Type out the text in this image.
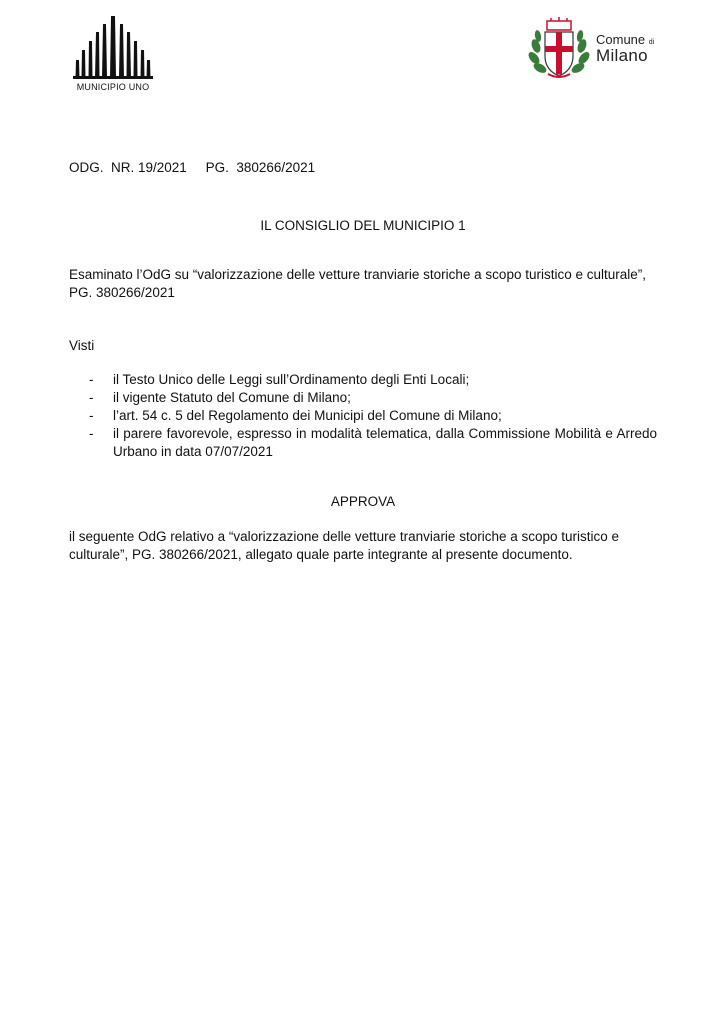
MUNICIPIO UNO
Comune di
Milano
ODG.  NR. 19/2021 PG.  380266/2021
IL CONSIGLIO DEL MUNICIPIO 1
Esaminato l’OdG su “valorizzazione delle vetture tranviarie storiche a scopo turistico e culturale”, PG. 380266/2021
Visti
- il Testo Unico delle Leggi sull’Ordinamento degli Enti Locali;
- il vigente Statuto del Comune di Milano;
- l’art. 54 c. 5 del Regolamento dei Municipi del Comune di Milano;
- il parere favorevole, espresso in modalità telematica, dalla Commissione Mobilità e Arredo Urbano in data 07/07/2021
APPROVA
il seguente OdG relativo a “valorizzazione delle vetture tranviarie storiche a scopo turistico e culturale”, PG. 380266/2021, allegato quale parte integrante al presente documento.
